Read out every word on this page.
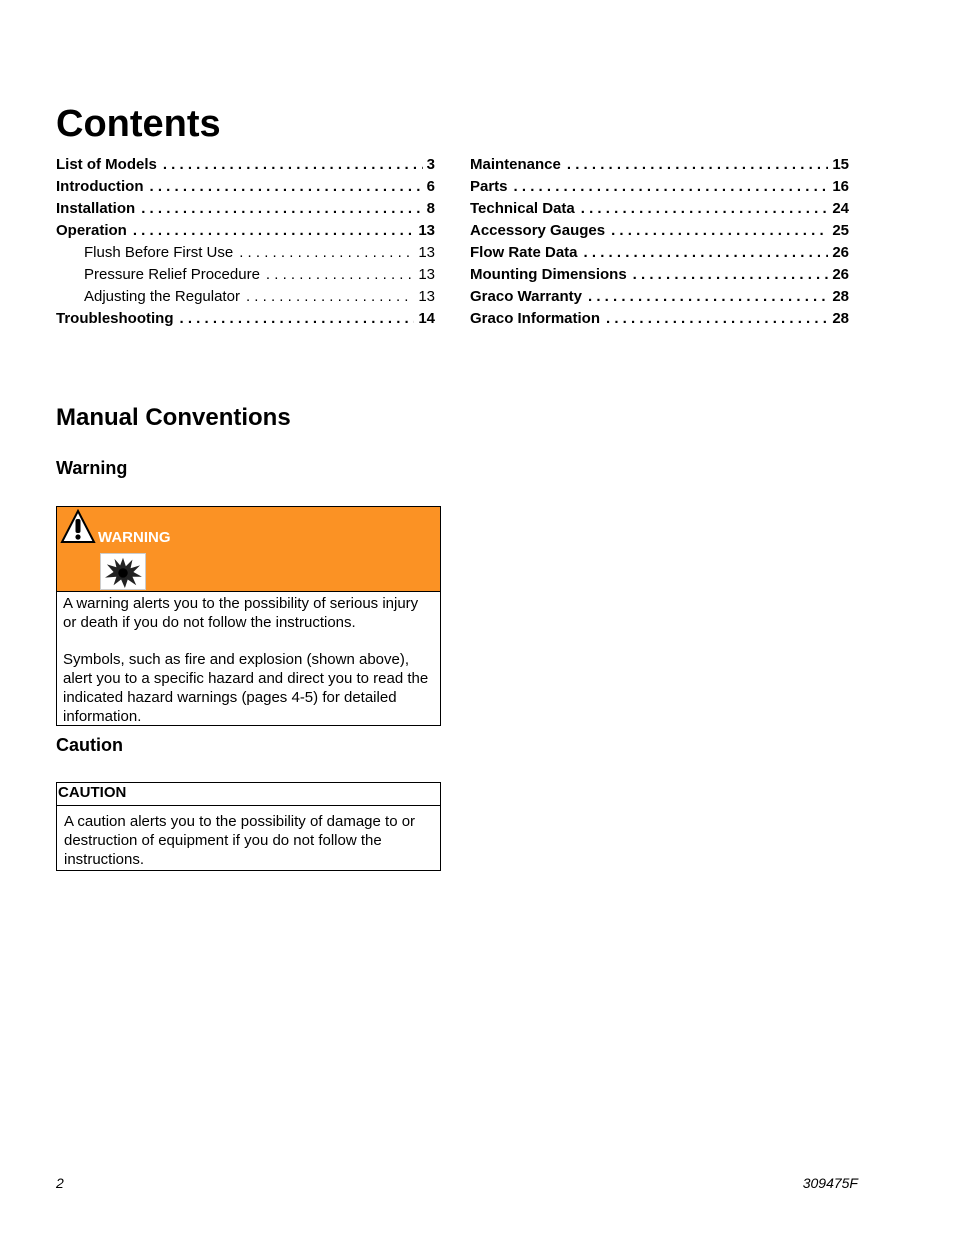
Contents
List of Models . . .	3
Introduction . . .	6
Installation . . .	8
Operation . . .	13
Flush Before First Use . . .	13
Pressure Relief Procedure . . .	13
Adjusting the Regulator . . .	13
Troubleshooting . . .	14
Maintenance . . .	15
Parts . . .	16
Technical Data . . .	24
Accessory Gauges . . .	25
Flow Rate Data . . .	26
Mounting Dimensions . . .	26
Graco Warranty . . .	28
Graco Information . . .	28
Manual Conventions
Warning
WARNING

A warning alerts you to the possibility of serious injury or death if you do not follow the instructions.

Symbols, such as fire and explosion (shown above), alert you to a specific hazard and direct you to read the indicated hazard warnings (pages 4-5) for detailed information.

Caution
CAUTION

A caution alerts you to the possibility of damage to or destruction of equipment if you do not follow the instructions.

2	309475F
